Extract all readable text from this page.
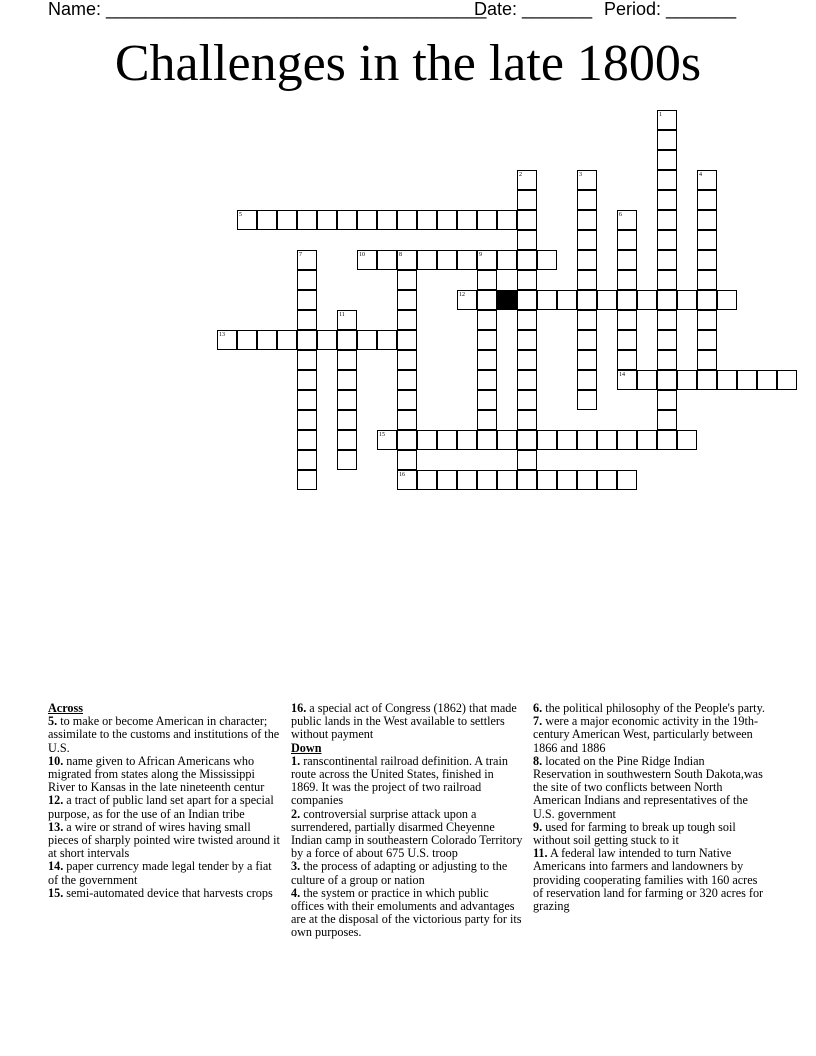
Name: ______________________________________
Date: _______ Period: _______
Challenges in the late 1800s
5
10
12
13
14
15
16
1
2	3	4
6
7	8	9
11
Across
5. to make or become American in character; assimilate to the customs and institutions of the U.S.
10. name given to African Americans who migrated from states along the Mississippi River to Kansas in the late nineteenth centur
12. a tract of public land set apart for a special purpose, as for the use of an Indian tribe
13. a wire or strand of wires having small pieces of sharply pointed wire twisted around it at short intervals
14. paper currency made legal tender by a fiat of the government
15. semi-automated device that harvests crops
16. a special act of Congress (1862) that made public lands in the West available to settlers without payment
Down
1. ranscontinental railroad definition. A train route across the United States, finished in 1869. It was the project of two railroad companies
2. controversial surprise attack upon a surrendered, partially disarmed Cheyenne Indian camp in southeastern Colorado Territory by a force of about 675 U.S. troop
3. the process of adapting or adjusting to the culture of a group or nation
4. the system or practice in which public offices with their emoluments and advantages are at the disposal of the victorious party for its own purposes.
6. the political philosophy of the People's party.
7. were a major economic activity in the 19th-century American West, particularly between 1866 and 1886
8. located on the Pine Ridge Indian Reservation in southwestern South Dakota,was the site of two conflicts between North American Indians and representatives of the U.S. government
9. used for farming to break up tough soil without soil getting stuck to it
11. A federal law intended to turn Native Americans into farmers and landowners by providing cooperating families with 160 acres of reservation land for farming or 320 acres for grazing
